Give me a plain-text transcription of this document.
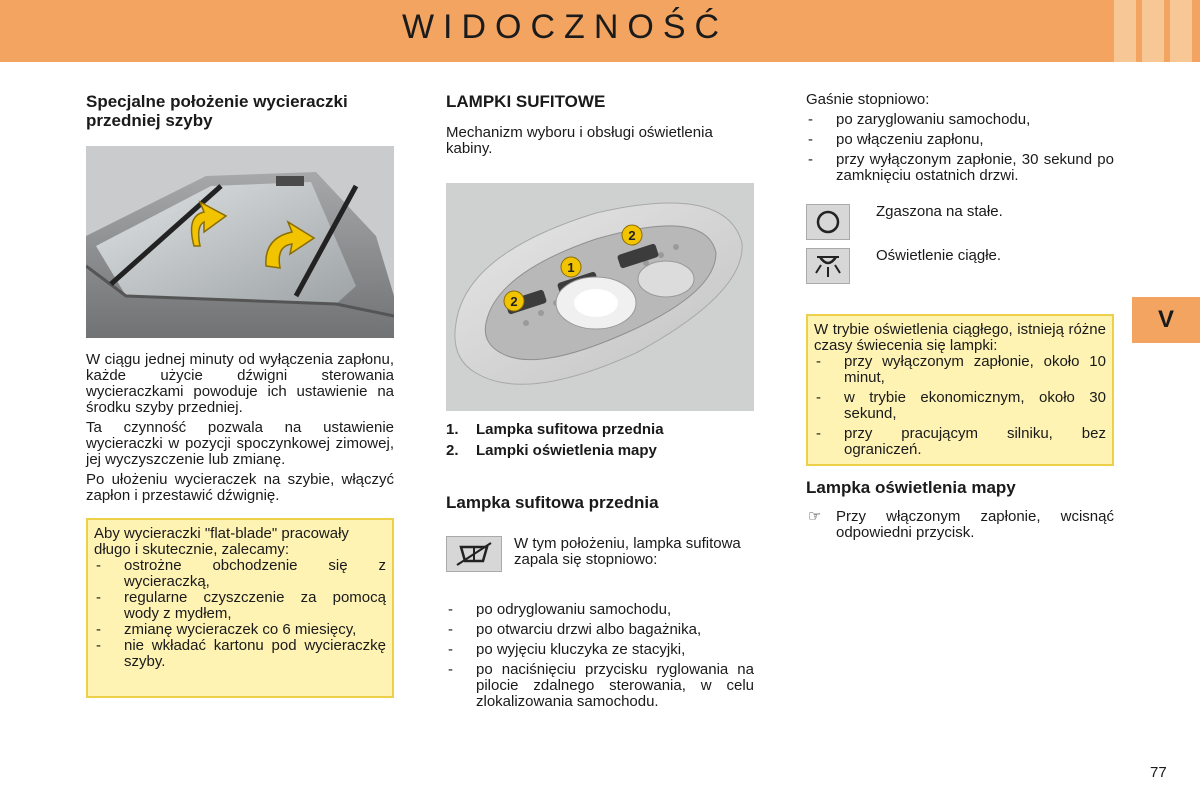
WIDOCZNOŚĆ
V
Specjalne położenie wycieraczki przedniej szyby

W ciągu jednej minuty od wyłączenia zapłonu, każde użycie dźwigni sterowania wycieraczkami powoduje ich ustawienie na środku szyby przedniej.

Ta czynność pozwala na ustawienie wycieraczki w pozycji spoczynkowej zimowej, jej wyczyszczenie lub zmianę.

Po ułożeniu wycieraczek na szybie, włączyć zapłon i przestawić dźwignię.

Aby wycieraczki "flat-blade" pracowały długo i skutecznie, zalecamy:

- ostrożne obchodzenie się z wycieraczką,
- regularne czyszczenie za pomocą wody z mydłem,
- zmianę wycieraczek co 6 miesięcy,
- nie wkładać kartonu pod wycieraczkę szyby.
LAMPKI SUFITOWE

Mechanizm wyboru i obsługi oświetlenia kabiny.

2
1
2
1.	Lampka sufitowa przednia
2.	Lampki oświetlenia mapy
Lampka sufitowa przednia

W tym położeniu, lampka sufitowa zapala się stopniowo:

- po odryglowaniu samochodu,
- po otwarciu drzwi albo bagażnika,
- po wyjęciu kluczyka ze stacyjki,
- po naciśnięciu przycisku ryglowania na pilocie zdalnego sterowania, w celu zlokalizowania samochodu.

Gaśnie stopniowo:

- po zaryglowaniu samochodu,
- po włączeniu zapłonu,
- przy wyłączonym zapłonie, 30 sekund po zamknięciu ostatnich drzwi.

Zgaszona na stałe.

Oświetlenie ciągłe.

W trybie oświetlenia ciągłego, istnieją różne czasy świecenia się lampki:

- przy wyłączonym zapłonie, około 10 minut,
- w trybie ekonomicznym, około 30 sekund,
- przy pracującym silniku, bez ograniczeń.
Lampka oświetlenia mapy
☞ Przy włączonym zapłonie, wcisnąć odpowiedni przycisk.
77
